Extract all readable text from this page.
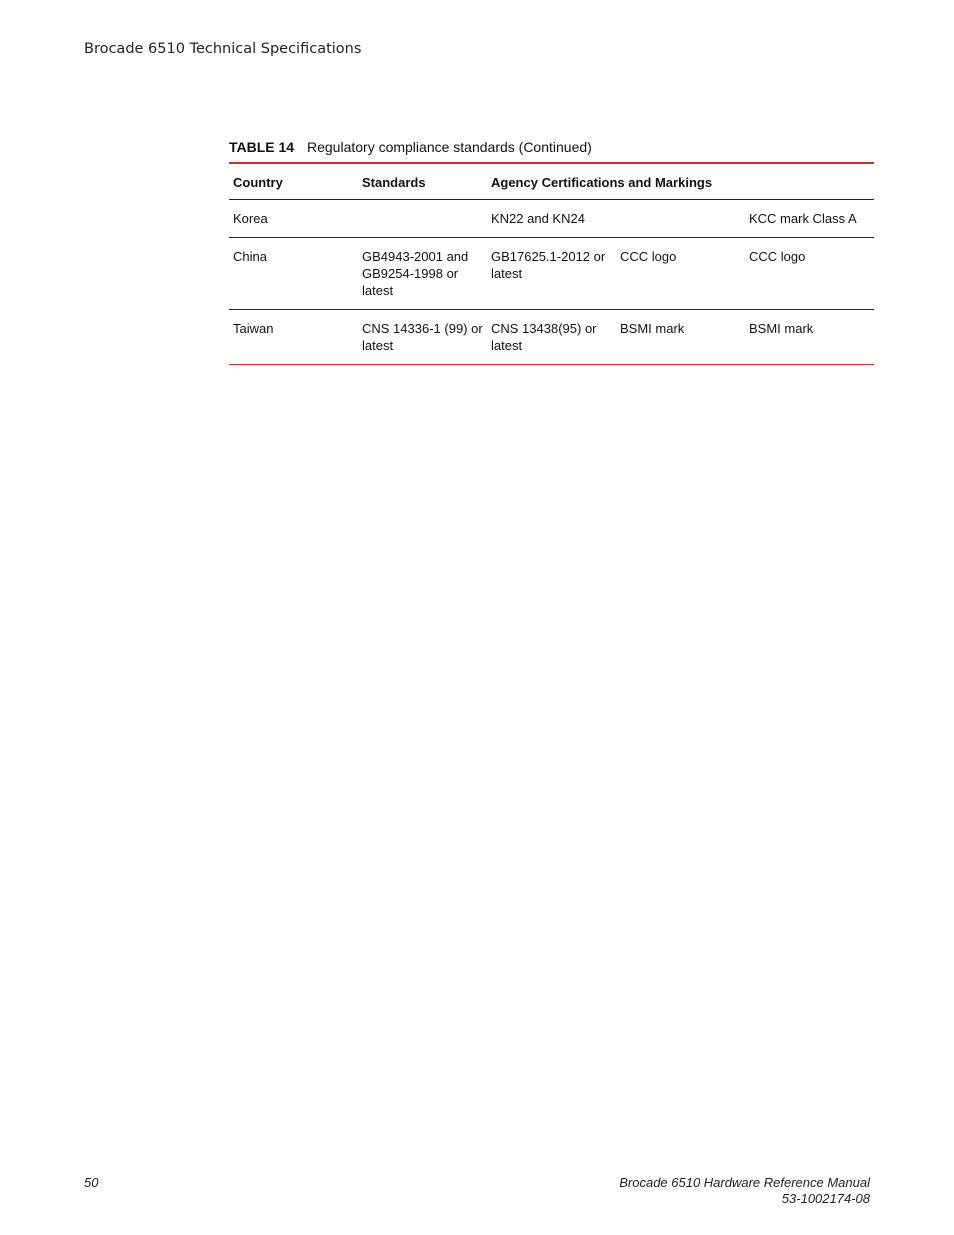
Brocade 6510 Technical Specifications
TABLE 14 Regulatory compliance standards (Continued)
Country	Standards	Agency Certifications and Markings		
Korea		KN22 and KN24		KCC mark Class A
China	GB4943-2001 and GB9254-1998 or latest	GB17625.1-2012 or latest	CCC logo	CCC logo
Taiwan	CNS 14336-1 (99) or latest	CNS 13438(95) or latest	BSMI mark	BSMI mark
50	Brocade 6510 Hardware Reference Manual
53-1002174-08
